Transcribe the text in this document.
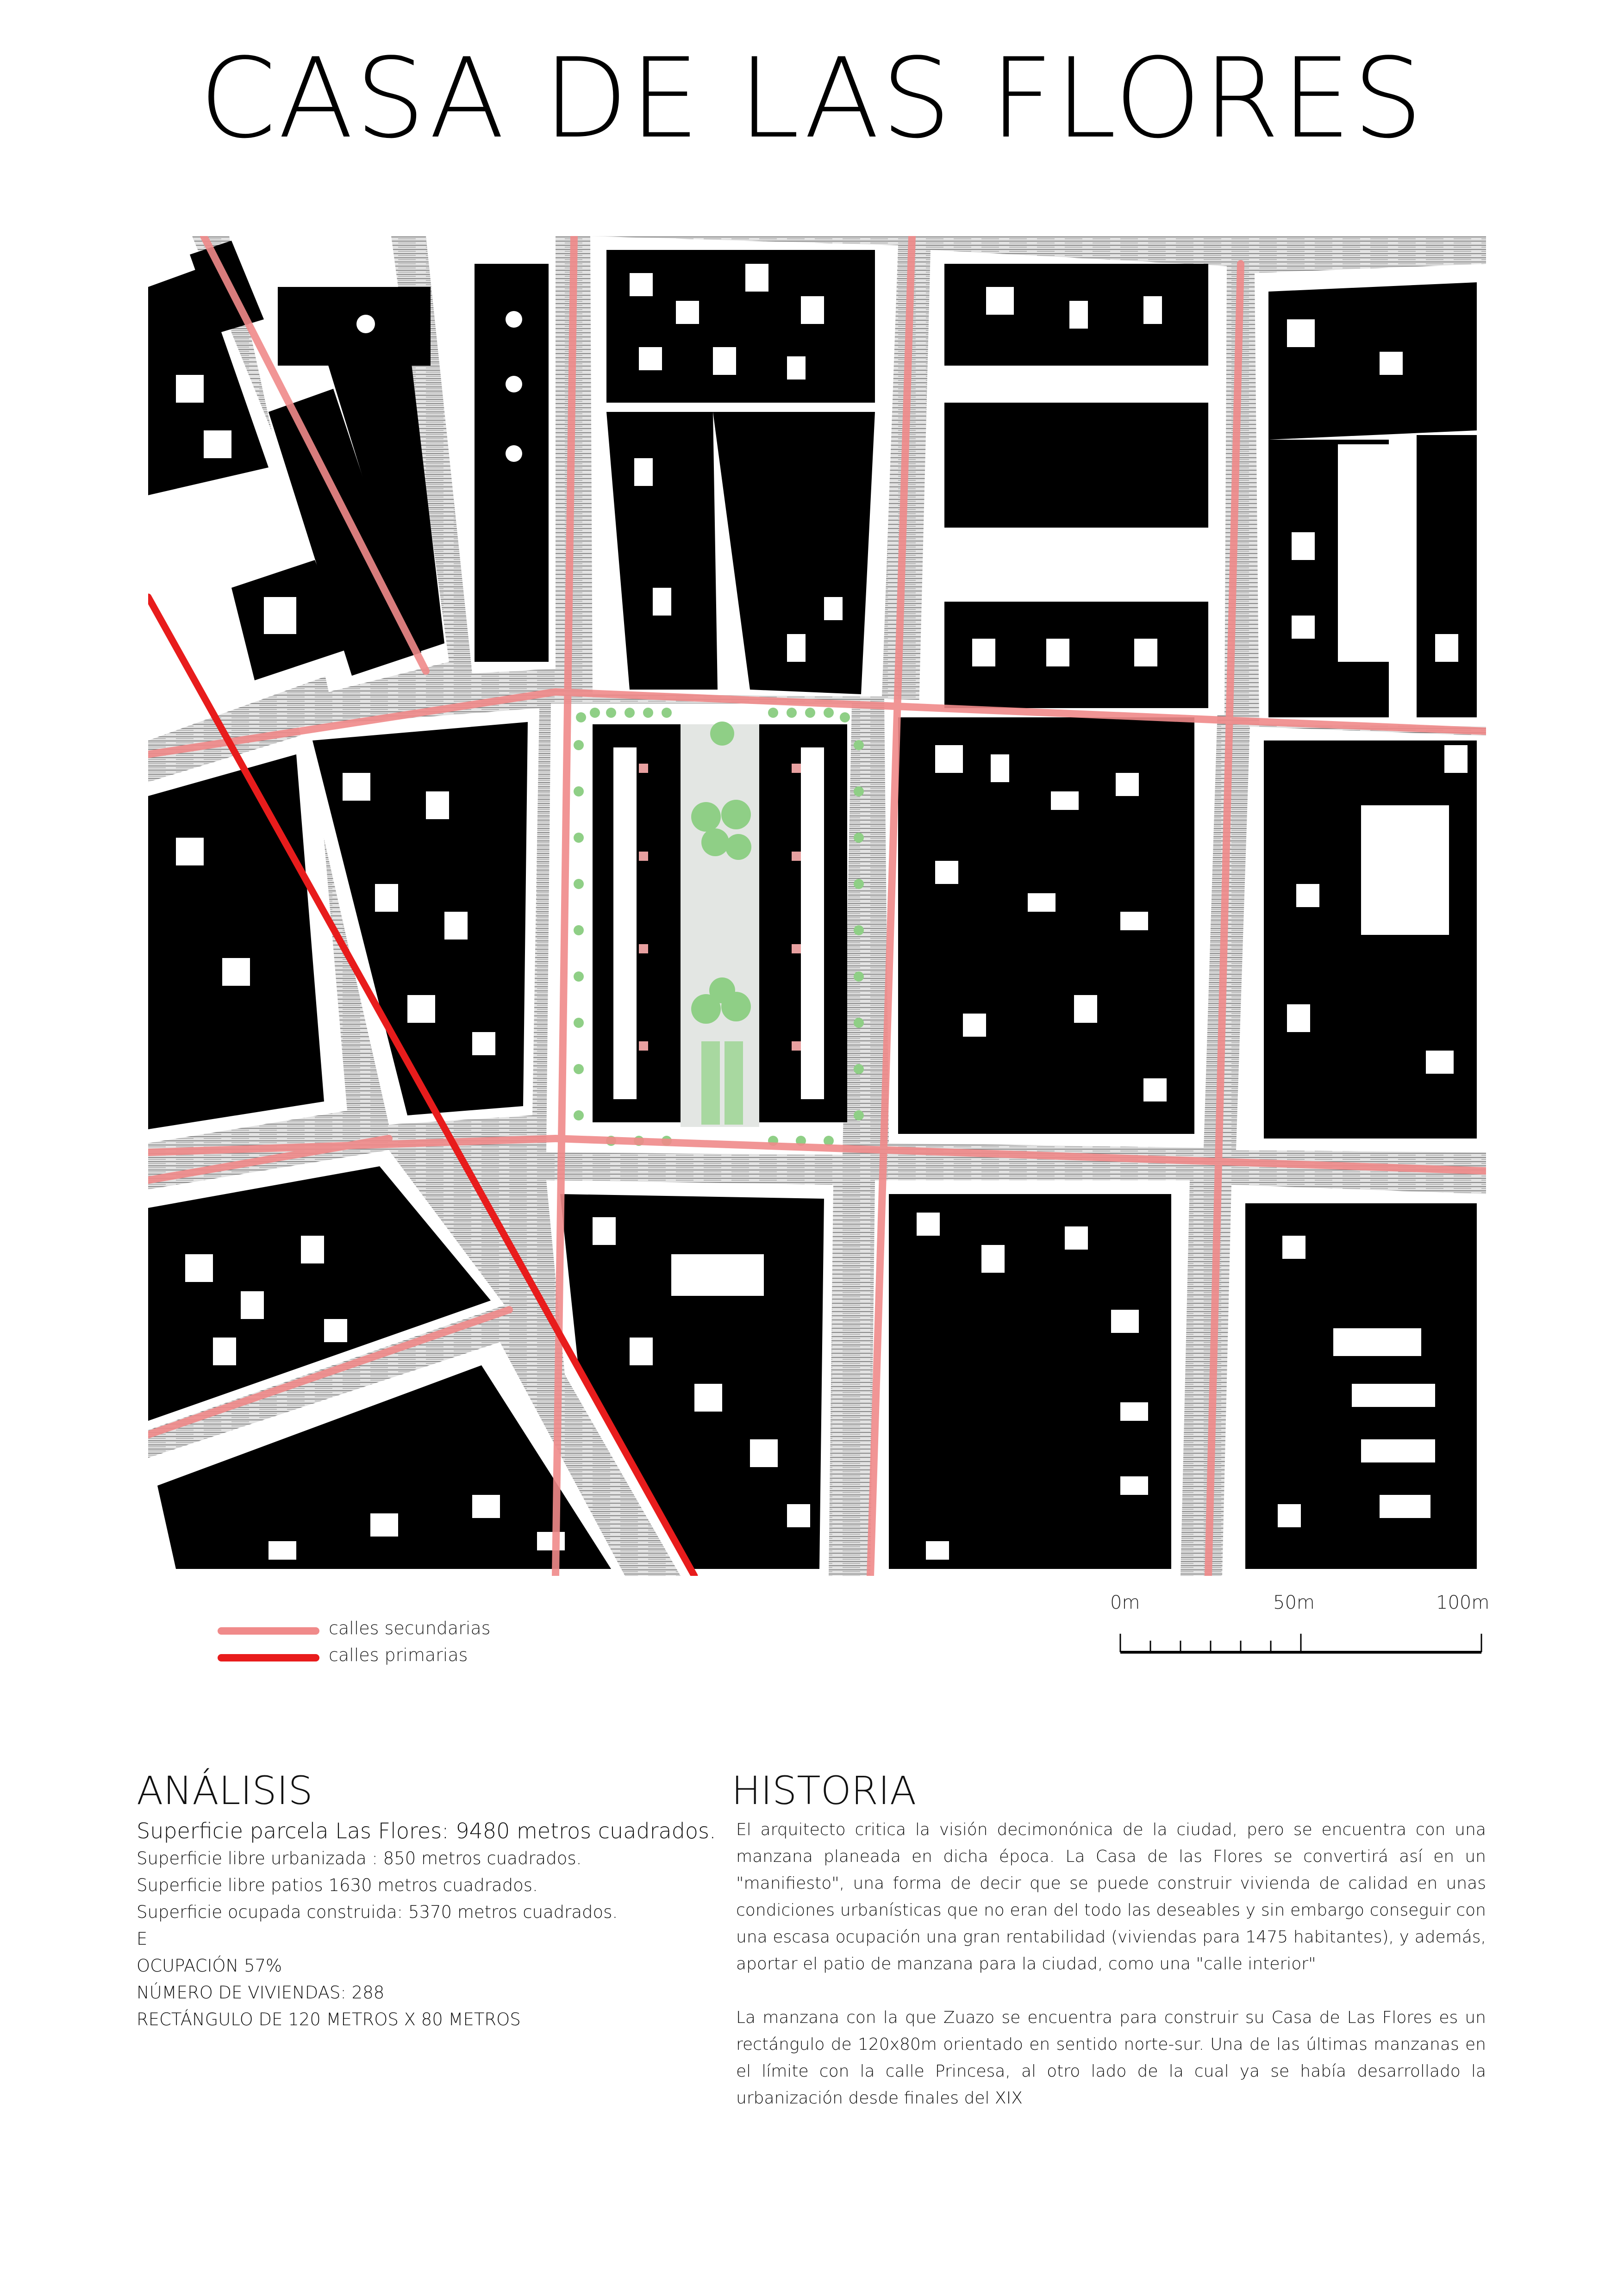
CASA DE LAS FLORES
calles secundarias
calles primarias
0m	50m	100m
ANÁLISIS
Superficie parcela Las Flores: 9480 metros cuadrados.
Superficie libre urbanizada : 850 metros cuadrados.
Superficie libre patios 1630 metros cuadrados.
Superficie ocupada construida: 5370 metros cuadrados.
E
OCUPACIÓN 57%
NÚMERO DE VIVIENDAS: 288
RECTÁNGULO DE 120 METROS X 80 METROS
HISTORIA

El arquitecto critica la visión decimonónica de la ciudad, pero se encuentra con una manzana planeada en dicha época. La Casa de las Flores se convertirá así en un "manifiesto", una forma de decir que se puede construir vivienda de calidad en unas condiciones urbanísticas que no eran del todo las deseables y sin embargo conseguir con una escasa ocupación una gran rentabilidad (viviendas para 1475 habitantes), y además, aportar el patio de manzana para la ciudad, como una "calle interior"

La manzana con la que Zuazo se encuentra para construir su Casa de Las Flores es un rectángulo de 120x80m orientado en sentido norte-sur. Una de las últimas manzanas en el límite con la calle Princesa, al otro lado de la cual ya se había desarrollado la urbanización desde finales del XIX
